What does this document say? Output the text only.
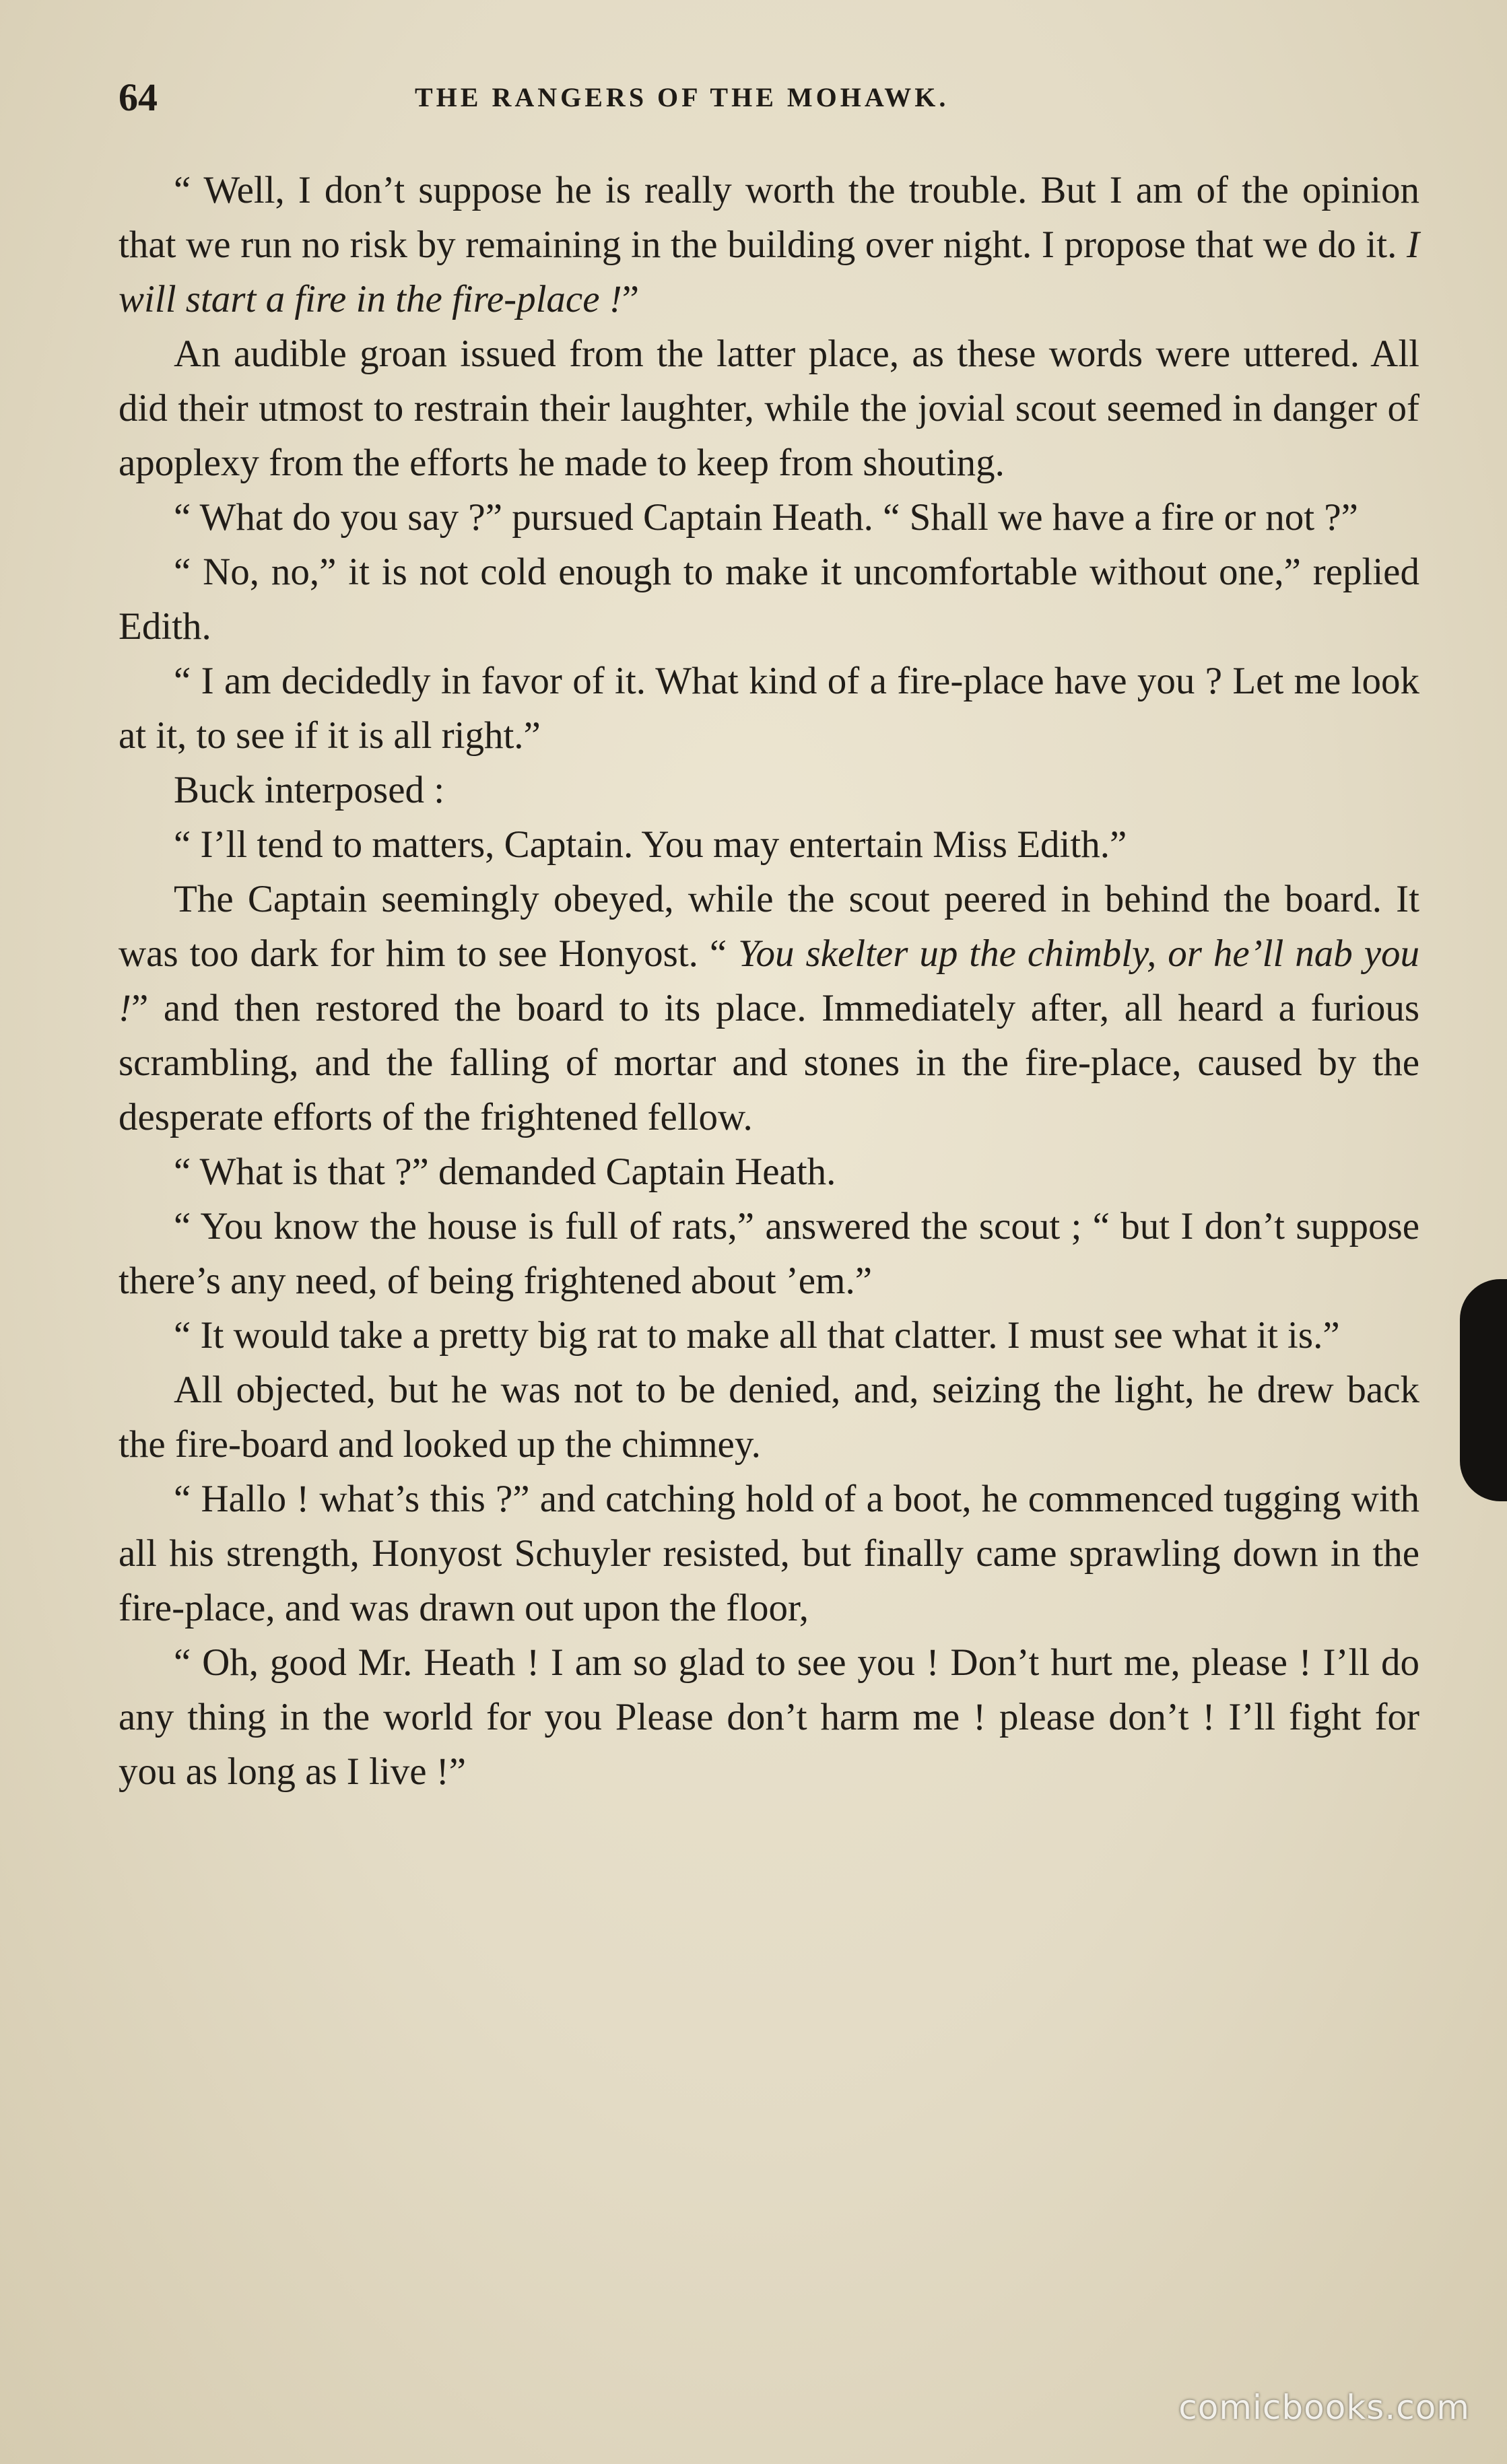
64	THE RANGERS OF THE MOHAWK.

“ Well, I don’t suppose he is really worth the trouble. But I am of the opinion that we run no risk by remaining in the building over night. I propose that we do it. I will start a fire in the fire-place !”

An audible groan issued from the latter place, as these words were uttered. All did their utmost to restrain their laughter, while the jovial scout seemed in danger of apoplexy from the efforts he made to keep from shouting.

“ What do you say ?” pursued Captain Heath. “ Shall we have a fire or not ?”

“ No, no,” it is not cold enough to make it uncomfortable without one,” replied Edith.

“ I am decidedly in favor of it. What kind of a fire-place have you ? Let me look at it, to see if it is all right.”

Buck interposed :

“ I’ll tend to matters, Captain. You may entertain Miss Edith.”

The Captain seemingly obeyed, while the scout peered in behind the board. It was too dark for him to see Honyost. “ You skelter up the chimbly, or he’ll nab you !” and then restored the board to its place. Immediately after, all heard a furious scrambling, and the falling of mortar and stones in the fire-place, caused by the desperate efforts of the frightened fellow.

“ What is that ?” demanded Captain Heath.

“ You know the house is full of rats,” answered the scout ; “ but I don’t suppose there’s any need, of being frightened about ’em.”

“ It would take a pretty big rat to make all that clatter. I must see what it is.”

All objected, but he was not to be denied, and, seizing the light, he drew back the fire-board and looked up the chimney.

“ Hallo ! what’s this ?” and catching hold of a boot, he commenced tugging with all his strength, Honyost Schuyler resisted, but finally came sprawling down in the fire-place, and was drawn out upon the floor,

“ Oh, good Mr. Heath ! I am so glad to see you ! Don’t hurt me, please ! I’ll do any thing in the world for you Please don’t harm me ! please don’t ! I’ll fight for you as long as I live !”

comicbooks.com
